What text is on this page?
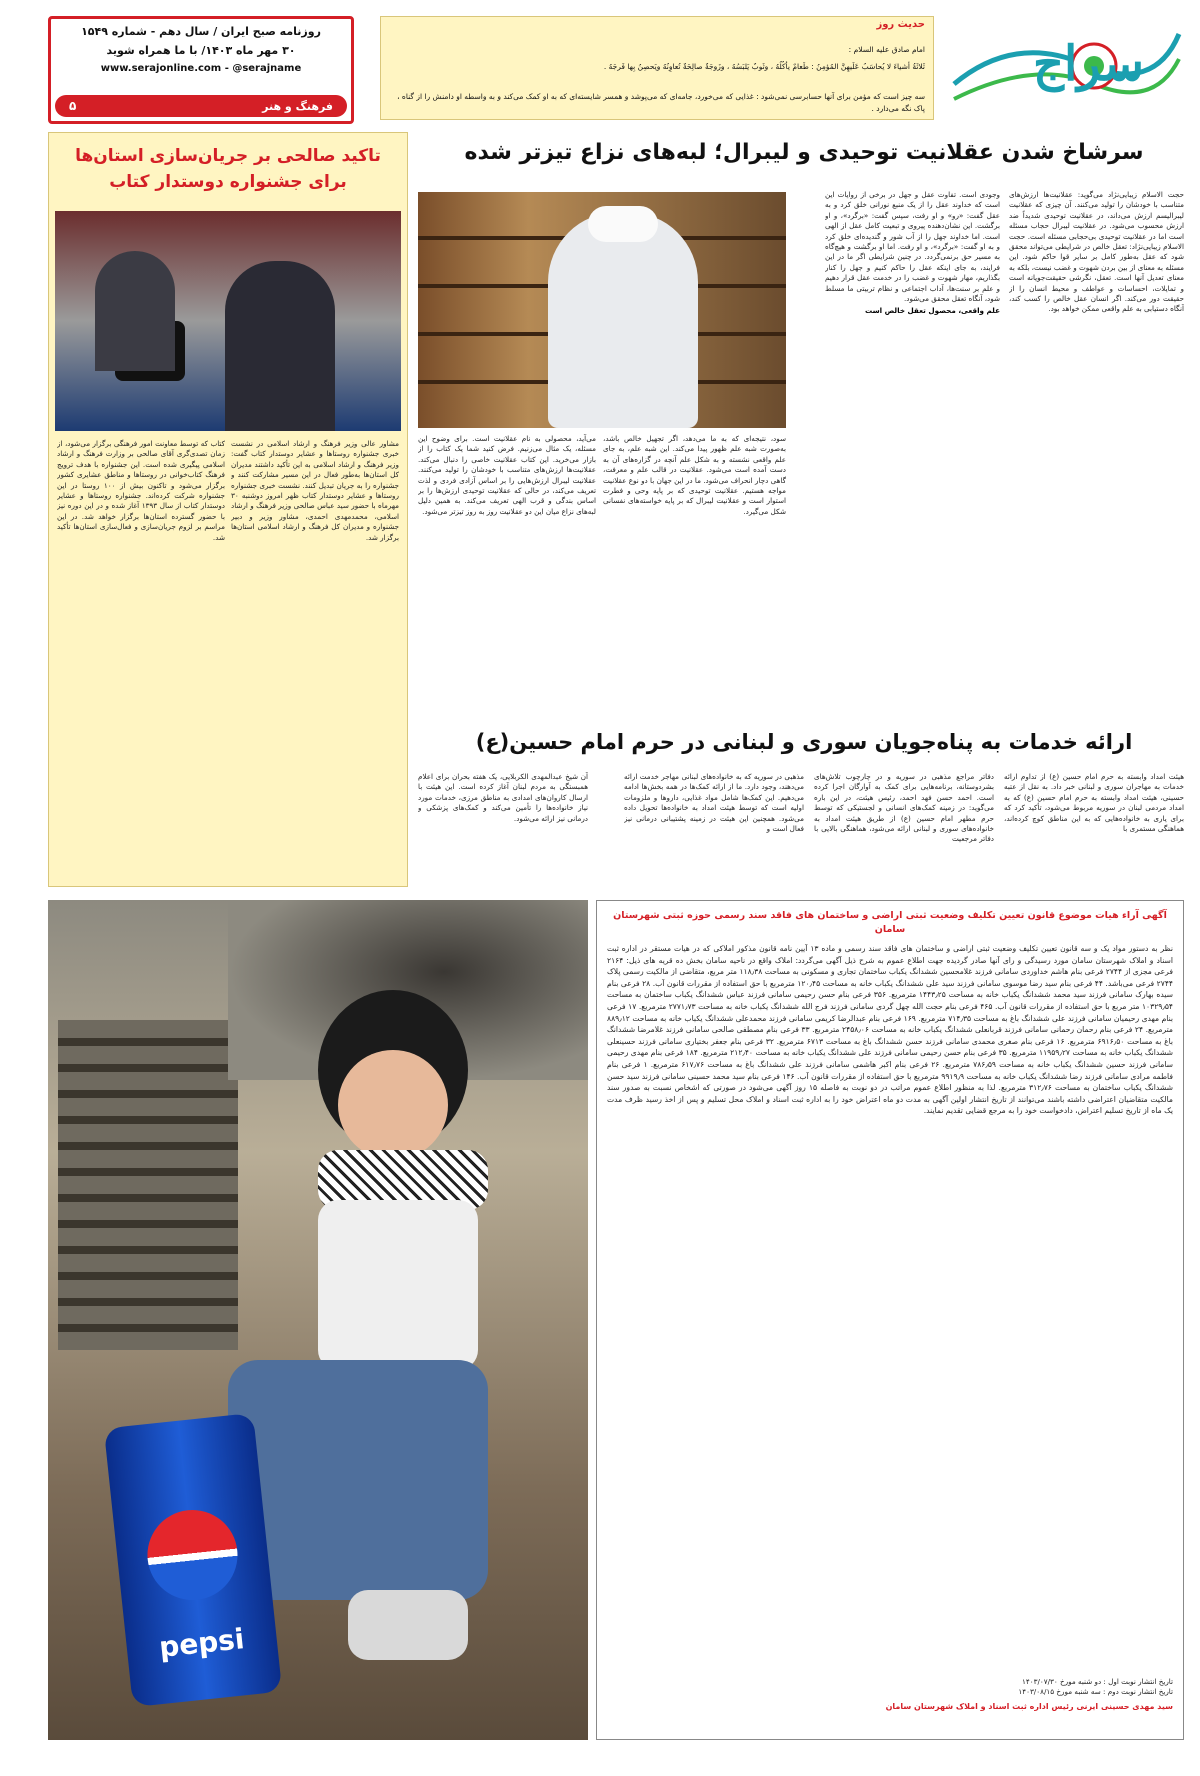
سراج
حدیث روز
امام صادق علیه السلام :
ثَلاثَةُ أشياءَ لا يُحاسَبُ عَلَيهِنَّ المُؤمِنُ : طَعامٌ يأكُلُهُ ، وثَوبٌ يَلبَسُهُ ، وزَوجَةٌ صالِحَةٌ تُعاوِنُهُ ويَحصِنُ بِها فَرجَهُ .
سه چیز است که مؤمن برای آنها حسابرسی نمی‌شود : غذایی که می‌خورد، جامه‌ای که می‌پوشد و همسر شایسته‌ای که به او کمک می‌کند و به واسطه او دامنش را از گناه ، پاک نگه می‌دارد .
روزنامه صبح ایران / سال دهم - شماره ۱۵۴۹
۳۰ مهر ماه ۱۴۰۳/ با ما همراه شوید
www.serajonline.com - @serajname
فرهنگ و هنر
۵
تاکید صالحی بر جریان‌سازی استان‌ها برای جشنواره دوستدار کتاب

مشاور عالی وزیر فرهنگ و ارشاد اسلامی در نشست خبری جشنواره روستاها و عشایر دوستدار کتاب گفت: وزیر فرهنگ و ارشاد اسلامی به این تأکید داشتند مدیران کل استان‌ها به‌طور فعال در این مسیر مشارکت کنند و جشنواره را به جریان تبدیل کنند. نشست خبری جشنواره روستاها و عشایر دوستدار کتاب ظهر امروز دوشنبه ۳۰ مهرماه با حضور سید عباس صالحی وزیر فرهنگ و ارشاد اسلامی، محمدمهدی احمدی، مشاور وزیر و دبیر جشنواره و مدیران کل فرهنگ و ارشاد اسلامی استان‌ها برگزار شد.

کتاب که توسط معاونت امور فرهنگی برگزار می‌شود، از زمان تصدی‌گری آقای صالحی بر وزارت فرهنگ و ارشاد اسلامی پیگیری شده است. این جشنواره با هدف ترویج فرهنگ کتاب‌خوانی در روستاها و مناطق عشایری کشور برگزار می‌شود و تاکنون بیش از ۱۰۰ روستا در این جشنواره شرکت کرده‌اند. جشنواره روستاها و عشایر دوستدار کتاب از سال ۱۳۹۳ آغاز شده و در این دوره نیز با حضور گسترده استان‌ها برگزار خواهد شد. در این مراسم بر لزوم جریان‌سازی و فعال‌سازی استان‌ها تأکید شد.

سرشاخ شدن عقلانیت توحیدی و لیبرال؛ لبه‌های نزاع تیزتر شده

حجت الاسلام زیبایی‌نژاد می‌گوید: عقلانیت‌ها ارزش‌های متناسب با خودشان را تولید می‌کنند. آن چیزی که عقلانیت لیبرالیسم ارزش می‌داند، در عقلانیت توحیدی شدیداً ضد ارزش محسوب می‌شود. در عقلانیت لیبرال حجاب مسئله است اما در عقلانیت توحیدی بی‌حجابی مسئله است. حجت الاسلام زیبایی‌نژاد: تعقل خالص در شرایطی می‌تواند محقق شود که عقل به‌طور کامل بر سایر قوا حاکم شود. این مسئله به معنای از بین بردن شهوت و غضب نیست، بلکه به معنای تعدیل آنها است. تعقل، نگرشی حقیقت‌جویانه است و تمایلات، احساسات و عواطف و محیط انسان را از حقیقت دور می‌کند. اگر انسان عقل خالص را کسب کند، آنگاه دستیابی به علم واقعی ممکن خواهد بود.

وجودی است. تفاوت عقل و جهل در برخی از روایات این است که خداوند عقل را از یک منبع نورانی خلق کرد و به عقل گفت: «رو» و او رفت، سپس گفت: «برگرد»، و او برگشت. این نشان‌دهنده پیروی و تبعیت کامل عقل از الهی است. اما خداوند جهل را از آب شور و گندیده‌ای خلق کرد و به او گفت: «برگرد»، و او رفت. اما او برگشت و هیچ‌گاه به مسیر حق برنمی‌گردد. در چنین شرایطی اگر ما در این فرایند، به جای اینکه عقل را حاکم کنیم و جهل را کنار بگذاریم، مهار شهوت و غضب را در خدمت عقل قرار دهیم و علم بر سنت‌ها، آداب اجتماعی و نظام تربیتی ما مسلط شود، آنگاه تعقل محقق می‌شود.

علم واقعی، محصول تعقل خالص است

سود، نتیجه‌ای که به ما می‌دهد، اگر تجهیل خالص باشد، به‌صورت شبه علم ظهور پیدا می‌کند. این شبه علم، به جای علم واقعی نشسته و به شکل علم آنچه در گزاره‌های آن به دست آمده است می‌شود. عقلانیت در قالب علم و معرفت، گاهی دچار انحراف می‌شود. ما در این جهان با دو نوع عقلانیت مواجه هستیم. عقلانیت توحیدی که بر پایه وحی و فطرت استوار است و عقلانیت لیبرال که بر پایه خواسته‌های نفسانی شکل می‌گیرد.

می‌آید، محصولی به نام عقلانیت است. برای وضوح این مسئله، یک مثال می‌زنیم. فرض کنید شما یک کتاب را از بازار می‌خرید. این کتاب عقلانیت خاصی را دنبال می‌کند. عقلانیت‌ها ارزش‌های متناسب با خودشان را تولید می‌کنند. عقلانیت لیبرال ارزش‌هایی را بر اساس آزادی فردی و لذت تعریف می‌کند، در حالی که عقلانیت توحیدی ارزش‌ها را بر اساس بندگی و قرب الهی تعریف می‌کند. به همین دلیل لبه‌های نزاع میان این دو عقلانیت روز به روز تیزتر می‌شود.

ارائه خدمات به پناه‌جویان سوری و لبنانی در حرم امام حسین(ع)

هیئت امداد وابسته به حرم امام حسین (ع) از تداوم ارائه خدمات به مهاجران سوری و لبنانی خبر داد. به نقل از عتبه حسینی، هیئت امداد وابسته به حرم امام حسین (ع) که به امداد مردمی لبنان در سوریه مربوط می‌شود، تأکید کرد که برای یاری به خانواده‌هایی که به این مناطق کوچ کرده‌اند، هماهنگی مستمری با

دفاتر مراجع مذهبی در سوریه و در چارچوب تلاش‌های بشردوستانه، برنامه‌هایی برای کمک به آوارگان اجرا کرده است. احمد حسن فهد احمد، رئیس هیئت، در این باره می‌گوید: در زمینه کمک‌های انسانی و لجستیکی که توسط حرم مطهر امام حسین (ع) از طریق هیئت امداد به خانواده‌های سوری و لبنانی ارائه می‌شود، هماهنگی بالایی با دفاتر مرجعیت

مذهبی در سوریه که به خانواده‌های لبنانی مهاجر خدمت ارائه می‌دهند، وجود دارد. ما از ارائه کمک‌ها در همه بخش‌ها ادامه می‌دهیم. این کمک‌ها شامل مواد غذایی، داروها و ملزومات اولیه است که توسط هیئت امداد به خانواده‌ها تحویل داده می‌شود. همچنین این هیئت در زمینه پشتیبانی درمانی نیز فعال است و

آن شیخ عبدالمهدی الکربلایی، یک هفته بحران برای اعلام همبستگی به مردم لبنان آغاز کرده است. این هیئت با ارسال کاروان‌های امدادی به مناطق مرزی، خدمات مورد نیاز خانواده‌ها را تأمین می‌کند و کمک‌های پزشکی و درمانی نیز ارائه می‌شود.

pepsi
آگهی آراء هیات موضوع قانون تعیین تکلیف وضعیت ثبتی اراضی و ساختمان های فاقد سند رسمی حوزه ثبتی شهرستان سامان
نظر به دستور مواد یک و سه قانون تعیین تکلیف وضعیت ثبتی اراضی و ساختمان های فاقد سند رسمی و ماده ۱۳ آیین نامه قانون مذکور املاکی که در هیات مستقر در اداره ثبت اسناد و املاک شهرستان سامان مورد رسیدگی و رای آنها صادر گردیده جهت اطلاع عموم به شرح ذیل آگهی می‌گردد: املاک واقع در ناحیه سامان بخش ده قریه های ذیل: ۲۱۶۴ فرعی مجزی از ۲۷۴۴ فرعی بنام هاشم خداوردی سامانی فرزند غلامحسین ششدانگ یکباب ساختمان تجاری و مسکونی به مساحت ۱۱۸٫۳۸ متر مربع، متقاضی از مالکیت رسمی پلاک ۲۷۴۴ فرعی می‌باشد. ۴۴ فرعی بنام سید رضا موسوی سامانی فرزند سید علی ششدانگ یکباب خانه به مساحت ۱۲۰٫۴۵ مترمربع با حق استفاده از مقررات قانون آب. ۲۸ فرعی بنام سیده بهارک سامانی فرزند سید محمد ششدانگ یکباب خانه به مساحت ۱۴۴۳٫۲۵ مترمربع. ۳۵۶ فرعی بنام حسن رحیمی سامانی فرزند عباس ششدانگ یکباب ساختمان به مساحت ۱۰۳۲۹٫۵۴ متر مربع با حق استفاده از مقررات قانون آب. ۴۶۵ فرعی بنام حجت الله چهل گردی سامانی فرزند فرج الله ششدانگ یکباب خانه به مساحت ۲۷۷۱٫۷۳ مترمربع. ۱۷ فرعی بنام مهدی رحیمیان سامانی فرزند علی ششدانگ باغ به مساحت ۷۱۴٫۳۵ مترمربع. ۱۶۹ فرعی بنام عبدالرضا کریمی سامانی فرزند محمدعلی ششدانگ یکباب خانه به مساحت ۸۸۹٫۱۲ مترمربع. ۲۴ فرعی بنام رحمان رحمانی سامانی فرزند قربانعلی ششدانگ یکباب خانه به مساحت ۲۴۵۸٫۰۶ مترمربع. ۳۳ فرعی بنام مصطفی صالحی سامانی فرزند غلامرضا ششدانگ باغ به مساحت ۶۹۱۶٫۵۰ مترمربع. ۱۶ فرعی بنام صغری محمدی سامانی فرزند حسن ششدانگ باغ به مساحت ۶۷۱۳ مترمربع. ۳۲ فرعی بنام جعفر بختیاری سامانی فرزند حسینعلی ششدانگ یکباب خانه به مساحت ۱۱۹۵۹٫۲۷ مترمربع. ۳۵ فرعی بنام حسن رحیمی سامانی فرزند علی ششدانگ یکباب خانه به مساحت ۲۱۲٫۴۰ مترمربع. ۱۸۴ فرعی بنام مهدی رحیمی سامانی فرزند حسین ششدانگ یکباب خانه به مساحت ۷۸۶٫۵۹ مترمربع. ۲۶ فرعی بنام اکبر هاشمی سامانی فرزند علی ششدانگ باغ به مساحت ۶۱۷٫۷۶ مترمربع. ۱ فرعی بنام فاطمه مرادی سامانی فرزند رضا ششدانگ یکباب خانه به مساحت ۹۹۱۹٫۹ مترمربع با حق استفاده از مقررات قانون آب. ۱۴۶ فرعی بنام سید محمد حسینی سامانی فرزند سید حسن ششدانگ یکباب ساختمان به مساحت ۳۱۲٫۷۶ مترمربع. لذا به منظور اطلاع عموم مراتب در دو نوبت به فاصله ۱۵ روز آگهی می‌شود در صورتی که اشخاص نسبت به صدور سند مالکیت متقاضیان اعتراضی داشته باشند می‌توانند از تاریخ انتشار اولین آگهی به مدت دو ماه اعتراض خود را به اداره ثبت اسناد و املاک محل تسلیم و پس از اخذ رسید ظرف مدت یک ماه از تاریخ تسلیم اعتراض، دادخواست خود را به مرجع قضایی تقدیم نمایند.
تاریخ انتشار نوبت اول : دو شنبه مورخ ۱۴۰۳/۰۷/۳۰
تاریخ انتشار نوبت دوم : سه شنبه مورخ ۱۴۰۳/۰۸/۱۵
سید مهدی حسینی ایرنی رئیس اداره ثبت اسناد و املاک شهرستان سامان
